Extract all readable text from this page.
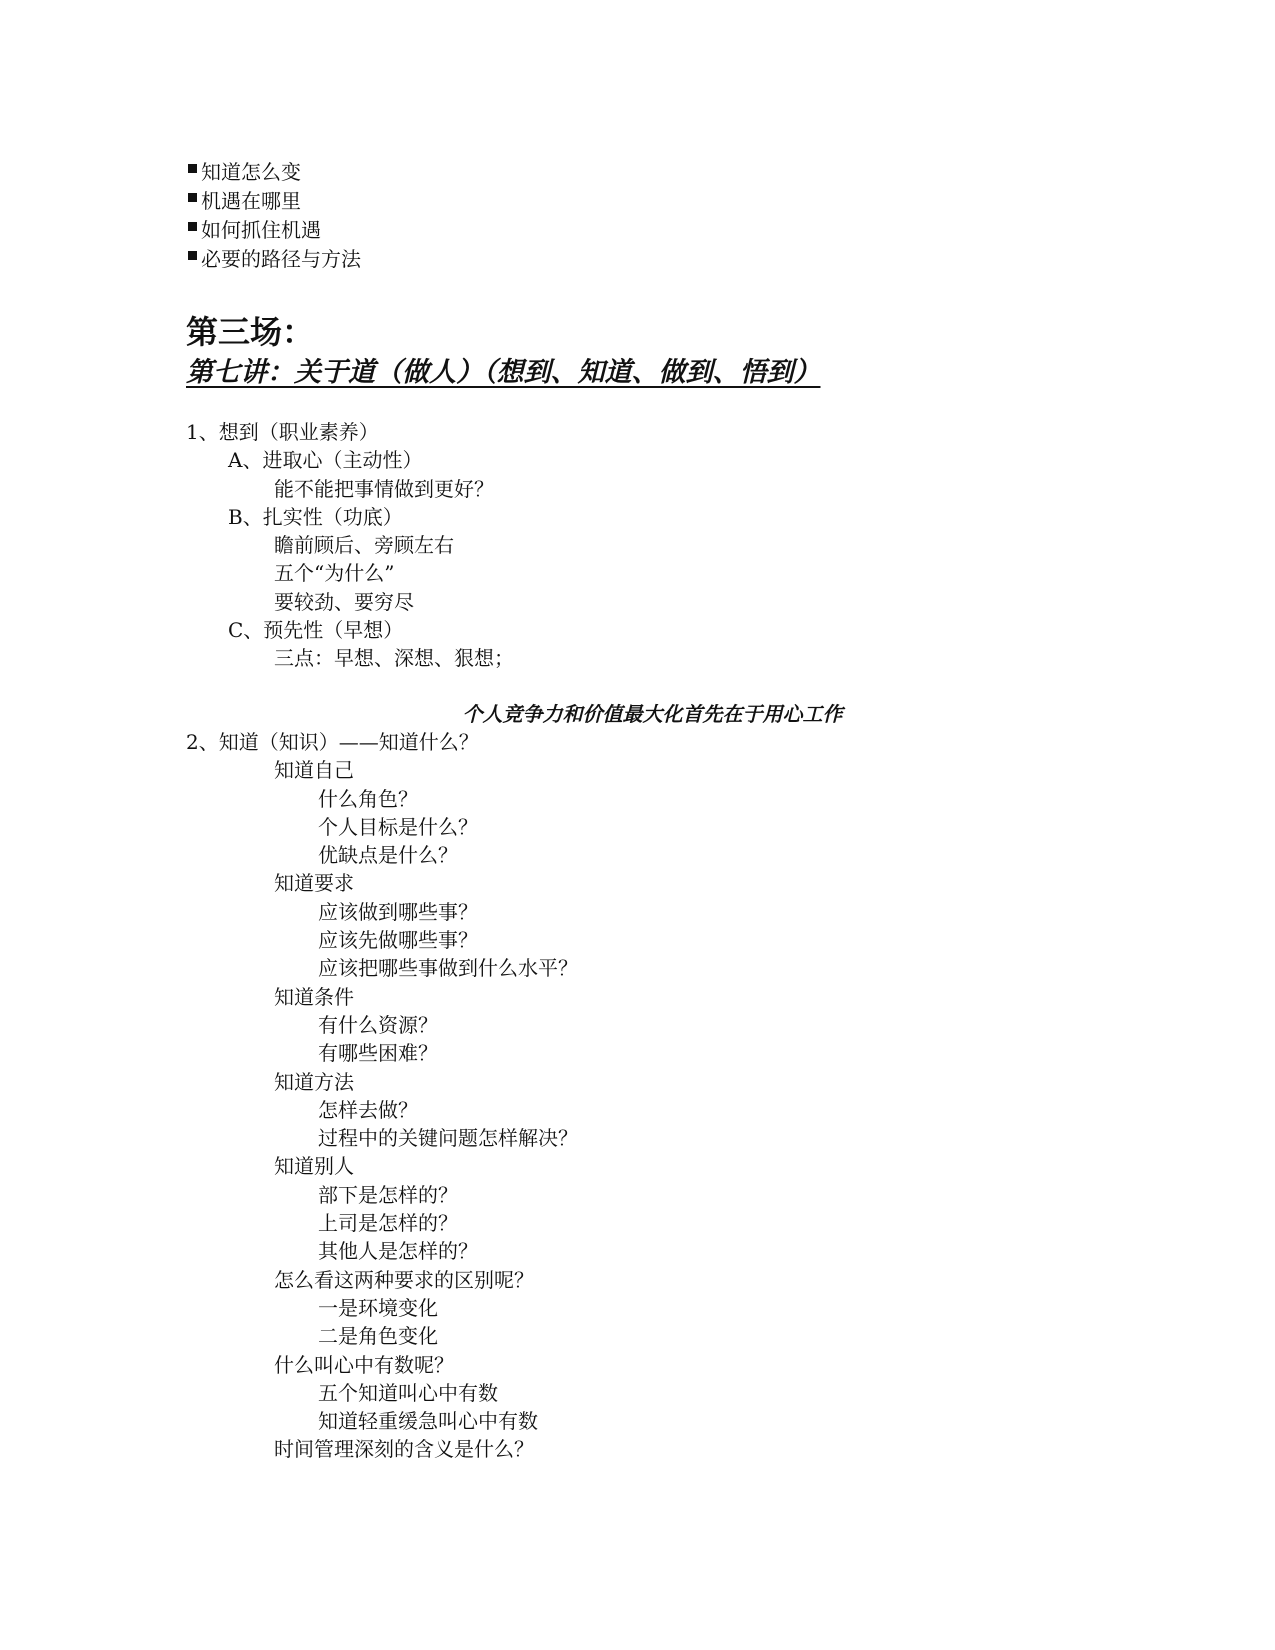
知道怎么变
机遇在哪里
如何抓住机遇
必要的路径与方法
第三场：
第七讲：关于道（做人）（想到、知道、做到、悟到）
1、想到（职业素养）
A、进取心（主动性）
能不能把事情做到更好？
B、扎实性（功底）
瞻前顾后、旁顾左右
五个“为什么”
要较劲、要穷尽
C、预先性（早想）
三点：早想、深想、狠想；

个人竞争力和价值最大化首先在于用心工作

2、知道（知识）——知道什么？
知道自己
什么角色？
个人目标是什么？
优缺点是什么？
知道要求
应该做到哪些事？
应该先做哪些事？
应该把哪些事做到什么水平？
知道条件
有什么资源？
有哪些困难？
知道方法
怎样去做？
过程中的关键问题怎样解决？
知道别人
部下是怎样的？
上司是怎样的？
其他人是怎样的？
怎么看这两种要求的区别呢？
一是环境变化
二是角色变化
什么叫心中有数呢？
五个知道叫心中有数
知道轻重缓急叫心中有数
时间管理深刻的含义是什么？
